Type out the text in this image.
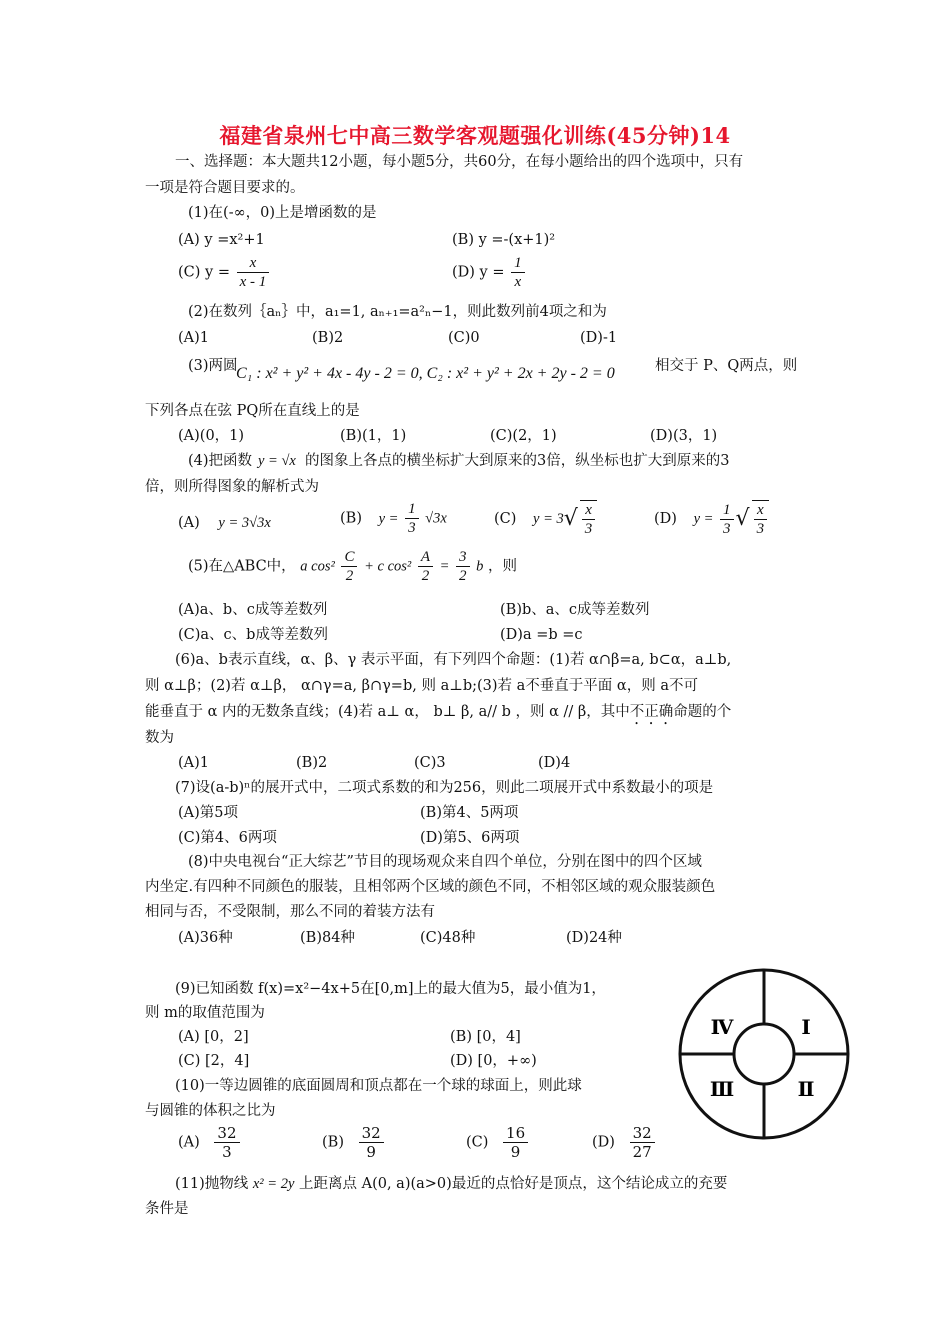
福建省泉州七中高三数学客观题强化训练(45分钟)14
一、选择题：本大题共12小题，每小题5分，共60分，在每小题给出的四个选项中，只有
一项是符合题目要求的。
(1)在(-∞，0)上是增函数的是
(A) y =x²+1	(B) y =-(x+1)²
(C) $y = \frac{x}{x - 1}$	(D) $y = \frac{1}{x}$
(2)在数列｛aₙ｝中，a₁=1, aₙ₊₁=a²ₙ−1，则此数列前4项之和为
(A)1	(B)2	(C)0	(D)-1
(3)两圆
C₁ : x² + y² + 4x - 4y - 2 = 0, C₂ : x² + y² + 2x + 2y - 2 = 0	相交于 P、Q两点，则
下列各点在弦 PQ所在直线上的是
(A)(0，1)	(B)(1，1)	(C)(2，1)	(D)(3，1)
(4)把函数 y = √x 的图象上各点的横坐标扩大到原来的3倍，纵坐标也扩大到原来的3
倍，则所得图象的解析式为
(A) y = 3√3x	(B) $y = \frac{1}{3} √3x$	(C) $y = 3√ \frac{x}{3}$	(D) $y = \frac{1}{3}$ √ $\frac{x}{3}$
(5)在△ABC中， a $\cos^2 \frac{C}{2} + c$ $\cos^2 \frac{A}{2} = \frac{3}{2}$ b ，则
(A)a、b、c成等差数列	(B)b、a、c成等差数列
(C)a、c、b成等差数列	(D)a =b =c
(6)a、b表示直线，α、β、γ 表示平面，有下列四个命题：(1)若 α∩β=a, b⊂α，a⊥b,
则 α⊥β；(2)若 α⊥β， α∩γ=a, β∩γ=b, 则 a⊥b;(3)若 a不垂直于平面 α，则 a不可
能垂直于 α 内的无数条直线；(4)若 a⊥ α， b⊥ β, a// b ，则 α // β，其中不正确命题的个
数为
(A)1	(B)2	(C)3	(D)4
(7)设(a-b)ⁿ的展开式中，二项式系数的和为256，则此二项展开式中系数最小的项是
(A)第5项	(B)第4、5两项
(C)第4、6两项	(D)第5、6两项
(8)中央电视台“正大综艺”节目的现场观众来自四个单位，分别在图中的四个区域
内坐定.有四种不同颜色的服装，且相邻两个区域的颜色不同，不相邻区域的观众服装颜色
相同与否，不受限制，那么不同的着装方法有
(A)36种	(B)84种	(C)48种	(D)24种
(9)已知函数 f(x)=x²−4x+5在[0,m]上的最大值为5，最小值为1，
则 m的取值范围为
(A) [0，2]	(B) [0，4]
(C) [2，4]	(D) [0，+∞)
(10)一等边圆锥的底面圆周和顶点都在一个球的球面上，则此球
与圆锥的体积之比为
$(A) \frac{32}{3}$	$(B) \frac{32}{9}$	$(C) \frac{16}{9}$	$(D) \frac{32}{27}$
(11)抛物线 x² = 2y 上距离点 A(0, a)(a>0)最近的点恰好是顶点，这个结论成立的充要
条件是
Ⅳ	Ⅰ
Ⅲ	Ⅱ
